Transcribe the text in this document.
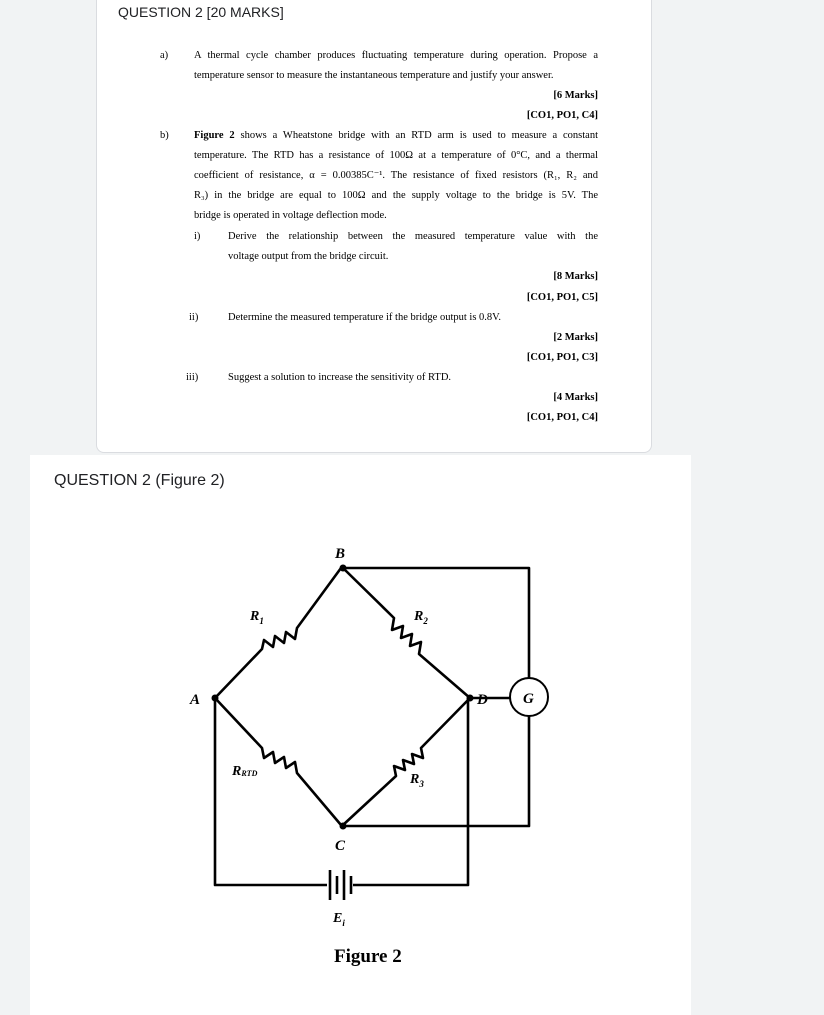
QUESTION 2 [20 MARKS]
a) A thermal cycle chamber produces fluctuating temperature during operation. Propose a
temperature sensor to measure the instantaneous temperature and justify your answer.
[6 Marks]
[CO1, PO1, C4]
b) Figure 2 shows a Wheatstone bridge with an RTD arm is used to measure a constant
temperature. The RTD has a resistance of 100Ω at a temperature of 0°C, and a thermal
coefficient of resistance, α = 0.00385C⁻¹. The resistance of fixed resistors (R₁, R₂ and
R₃) in the bridge are equal to 100Ω and the supply voltage to the bridge is 5V. The
bridge is operated in voltage deflection mode.
i)	Derive the relationship between the measured temperature value with the
voltage output from the bridge circuit.
[8 Marks]
[CO1, PO1, C5]
ii)	Determine the measured temperature if the bridge output is 0.8V.
[2 Marks]
[CO1, PO1, C3]
iii)	Suggest a solution to increase the sensitivity of RTD.
[4 Marks]
[CO1, PO1, C4]
QUESTION 2 (Figure 2)
B
A	D
C
G
$R_1$	$R_2$
$R_3$
RRTD
$E_i$
Figure 2
